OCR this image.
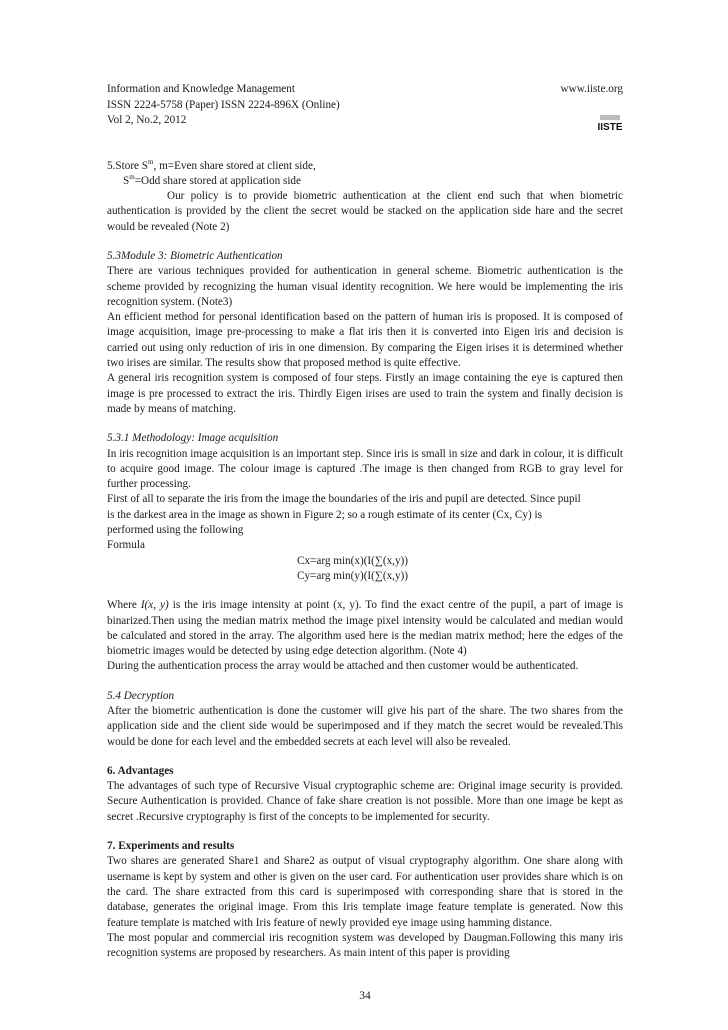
Information and Knowledge Management	www.iiste.org
ISSN 2224-5758 (Paper) ISSN 2224-896X (Online)
Vol 2, No.2, 2012
IISTE
5.Store $S^m$, m=Even share stored at client side,
$S^m=Odd$ share stored at application side

Our policy is to provide biometric authentication at the client end such that when biometric authentication is provided by the client the secret would be stacked on the application side hare and the secret would be revealed (Note 2)

5.3Module 3: Biometric Authentication

There are various techniques provided for authentication in general scheme. Biometric authentication is the scheme provided by recognizing the human visual identity recognition. We here would be implementing the iris recognition system. (Note3)

An efficient method for personal identification based on the pattern of human iris is proposed. It is composed of image acquisition, image pre-processing to make a flat iris then it is converted into Eigen iris and decision is carried out using only reduction of iris in one dimension. By comparing the Eigen irises it is determined whether two irises are similar. The results show that proposed method is quite effective.

A general iris recognition system is composed of four steps. Firstly an image containing the eye is captured then image is pre processed to extract the iris. Thirdly Eigen irises are used to train the system and finally decision is made by means of matching.

5.3.1 Methodology: Image acquisition

In iris recognition image acquisition is an important step. Since iris is small in size and dark in colour, it is difficult to acquire good image. The colour image is captured .The image is then changed from RGB to gray level for further processing.

First of all to separate the iris from the image the boundaries of the iris and pupil are detected. Since pupil
is the darkest area in the image as shown in Figure 2; so a rough estimate of its center (Cx, Cy) is
performed using the following
Formula
Cx=arg min(x)(I(∑(x,y))
Cy=arg min(y)(I(∑(x,y))

Where I(x, y) is the iris image intensity at point (x, y). To find the exact centre of the pupil, a part of image is binarized.Then using the median matrix method the image pixel intensity would be calculated and median would be calculated and stored in the array. The algorithm used here is the median matrix method; here the edges of the biometric images would be detected by using edge detection algorithm. (Note 4)

During the authentication process the array would be attached and then customer would be authenticated.

5.4 Decryption

After the biometric authentication is done the customer will give his part of the share. The two shares from the application side and the client side would be superimposed and if they match the secret would be revealed.This would be done for each level and the embedded secrets at each level will also be revealed.

6. Advantages

The advantages of such type of Recursive Visual cryptographic scheme are: Original image security is provided. Secure Authentication is provided. Chance of fake share creation is not possible. More than one image be kept as secret .Recursive cryptography is first of the concepts to be implemented for security.

7. Experiments and results

Two shares are generated Share1 and Share2 as output of visual cryptography algorithm. One share along with username is kept by system and other is given on the user card. For authentication user provides share which is on the card. The share extracted from this card is superimposed with corresponding share that is stored in the database, generates the original image. From this Iris template image feature template is generated. Now this feature template is matched with Iris feature of newly provided eye image using hamming distance.

The most popular and commercial iris recognition system was developed by Daugman.Following this many iris recognition systems are proposed by researchers. As main intent of this paper is providing

34
